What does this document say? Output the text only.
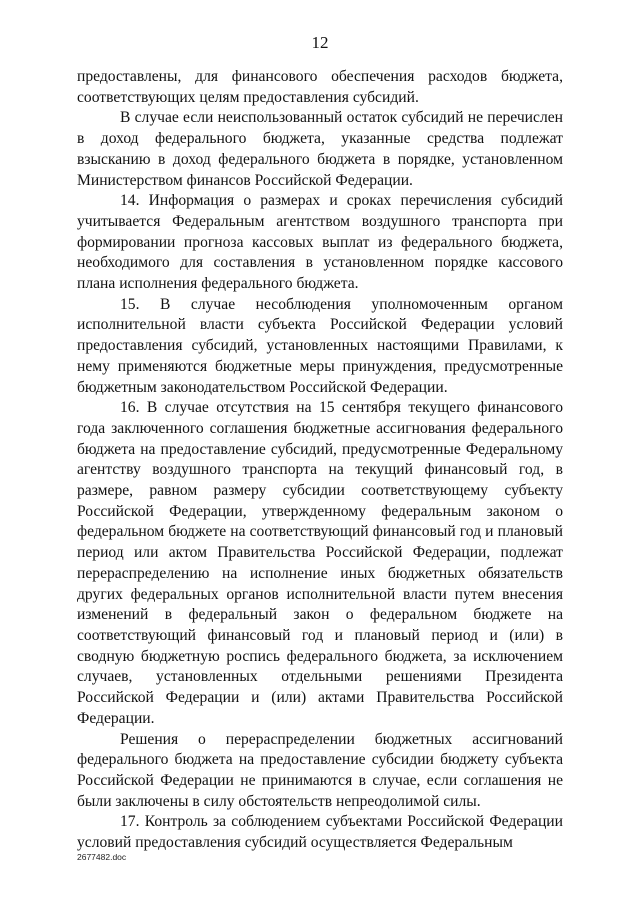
12

предоставлены, для финансового обеспечения расходов бюджета, соответствующих целям предоставления субсидий.

В случае если неиспользованный остаток субсидий не перечислен в доход федерального бюджета, указанные средства подлежат взысканию в доход федерального бюджета в порядке, установленном Министерством финансов Российской Федерации.

14. Информация о размерах и сроках перечисления субсидий учитывается Федеральным агентством воздушного транспорта при формировании прогноза кассовых выплат из федерального бюджета, необходимого для составления в установленном порядке кассового плана исполнения федерального бюджета.

15. В случае несоблюдения уполномоченным органом исполнительной власти субъекта Российской Федерации условий предоставления субсидий, установленных настоящими Правилами, к нему применяются бюджетные меры принуждения, предусмотренные бюджетным законодательством Российской Федерации.

16. В случае отсутствия на 15 сентября текущего финансового года заключенного соглашения бюджетные ассигнования федерального бюджета на предоставление субсидий, предусмотренные Федеральному агентству воздушного транспорта на текущий финансовый год, в размере, равном размеру субсидии соответствующему субъекту Российской Федерации, утвержденному федеральным законом о федеральном бюджете на соответствующий финансовый год и плановый период или актом Правительства Российской Федерации, подлежат перераспределению на исполнение иных бюджетных обязательств других федеральных органов исполнительной власти путем внесения изменений в федеральный закон о федеральном бюджете на соответствующий финансовый год и плановый период и (или) в сводную бюджетную роспись федерального бюджета, за исключением случаев, установленных отдельными решениями Президента Российской Федерации и (или) актами Правительства Российской Федерации.

Решения о перераспределении бюджетных ассигнований федерального бюджета на предоставление субсидии бюджету субъекта Российской Федерации не принимаются в случае, если соглашения не были заключены в силу обстоятельств непреодолимой силы.

17. Контроль за соблюдением субъектами Российской Федерации условий предоставления субсидий осуществляется Федеральным

2677482.doc
